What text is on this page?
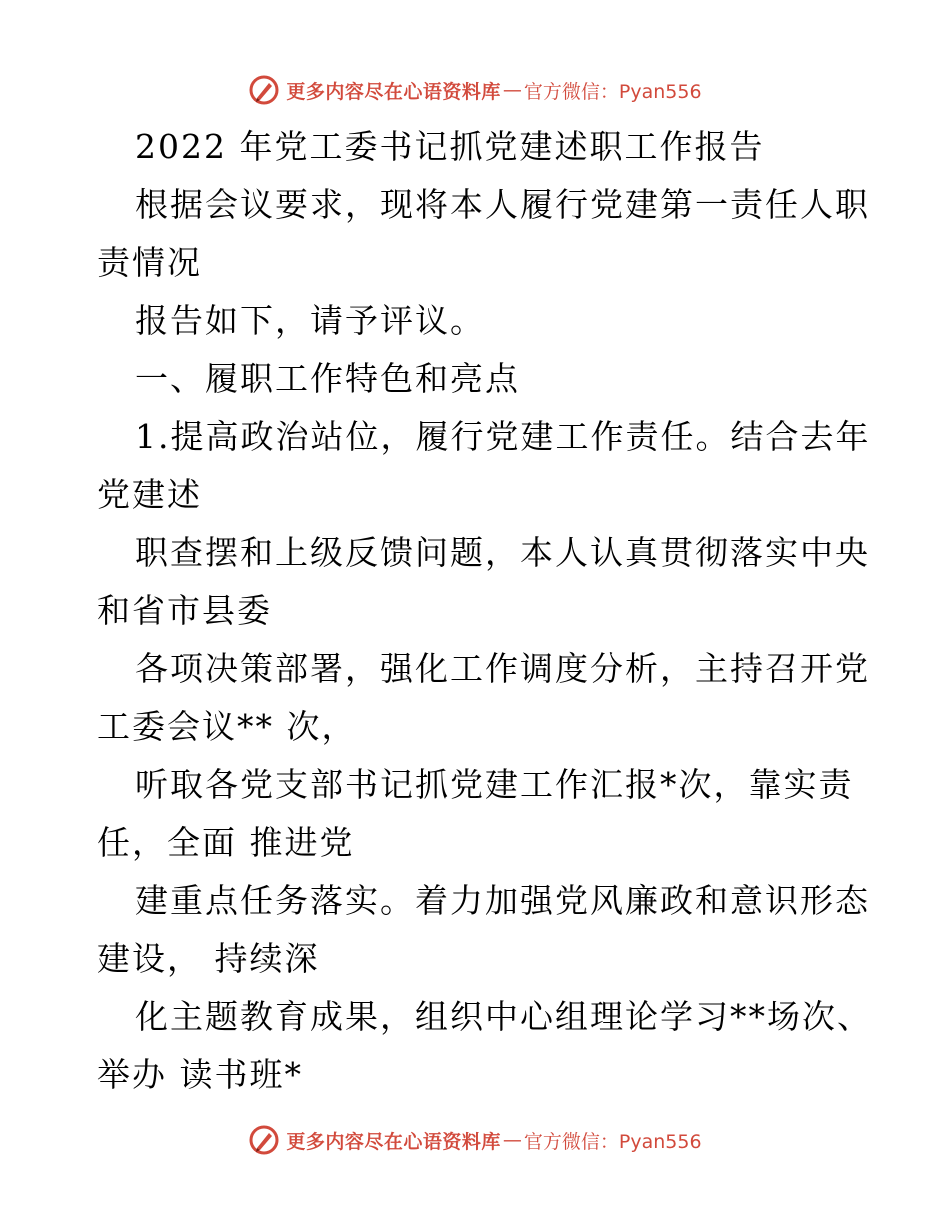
更多内容尽在心语资料库 — 官方微信：Pyan556
2022 年党工委书记抓党建述职工作报告
根据会议要求，现将本人履行党建第一责任人职
责情况
报告如下，请予评议。
一、履职工作特色和亮点
1.提高政治站位，履行党建工作责任。结合去年
党建述
职查摆和上级反馈问题，本人认真贯彻落实中央
和省市县委
各项决策部署，强化工作调度分析，主持召开党
工委会议** 次，
听取各党支部书记抓党建工作汇报*次，靠实责
任，全面 推进党
建重点任务落实。着力加强党风廉政和意识形态
建设， 持续深
化主题教育成果，组织中心组理论学习**场次、
举办 读书班*
更多内容尽在心语资料库 — 官方微信：Pyan556
